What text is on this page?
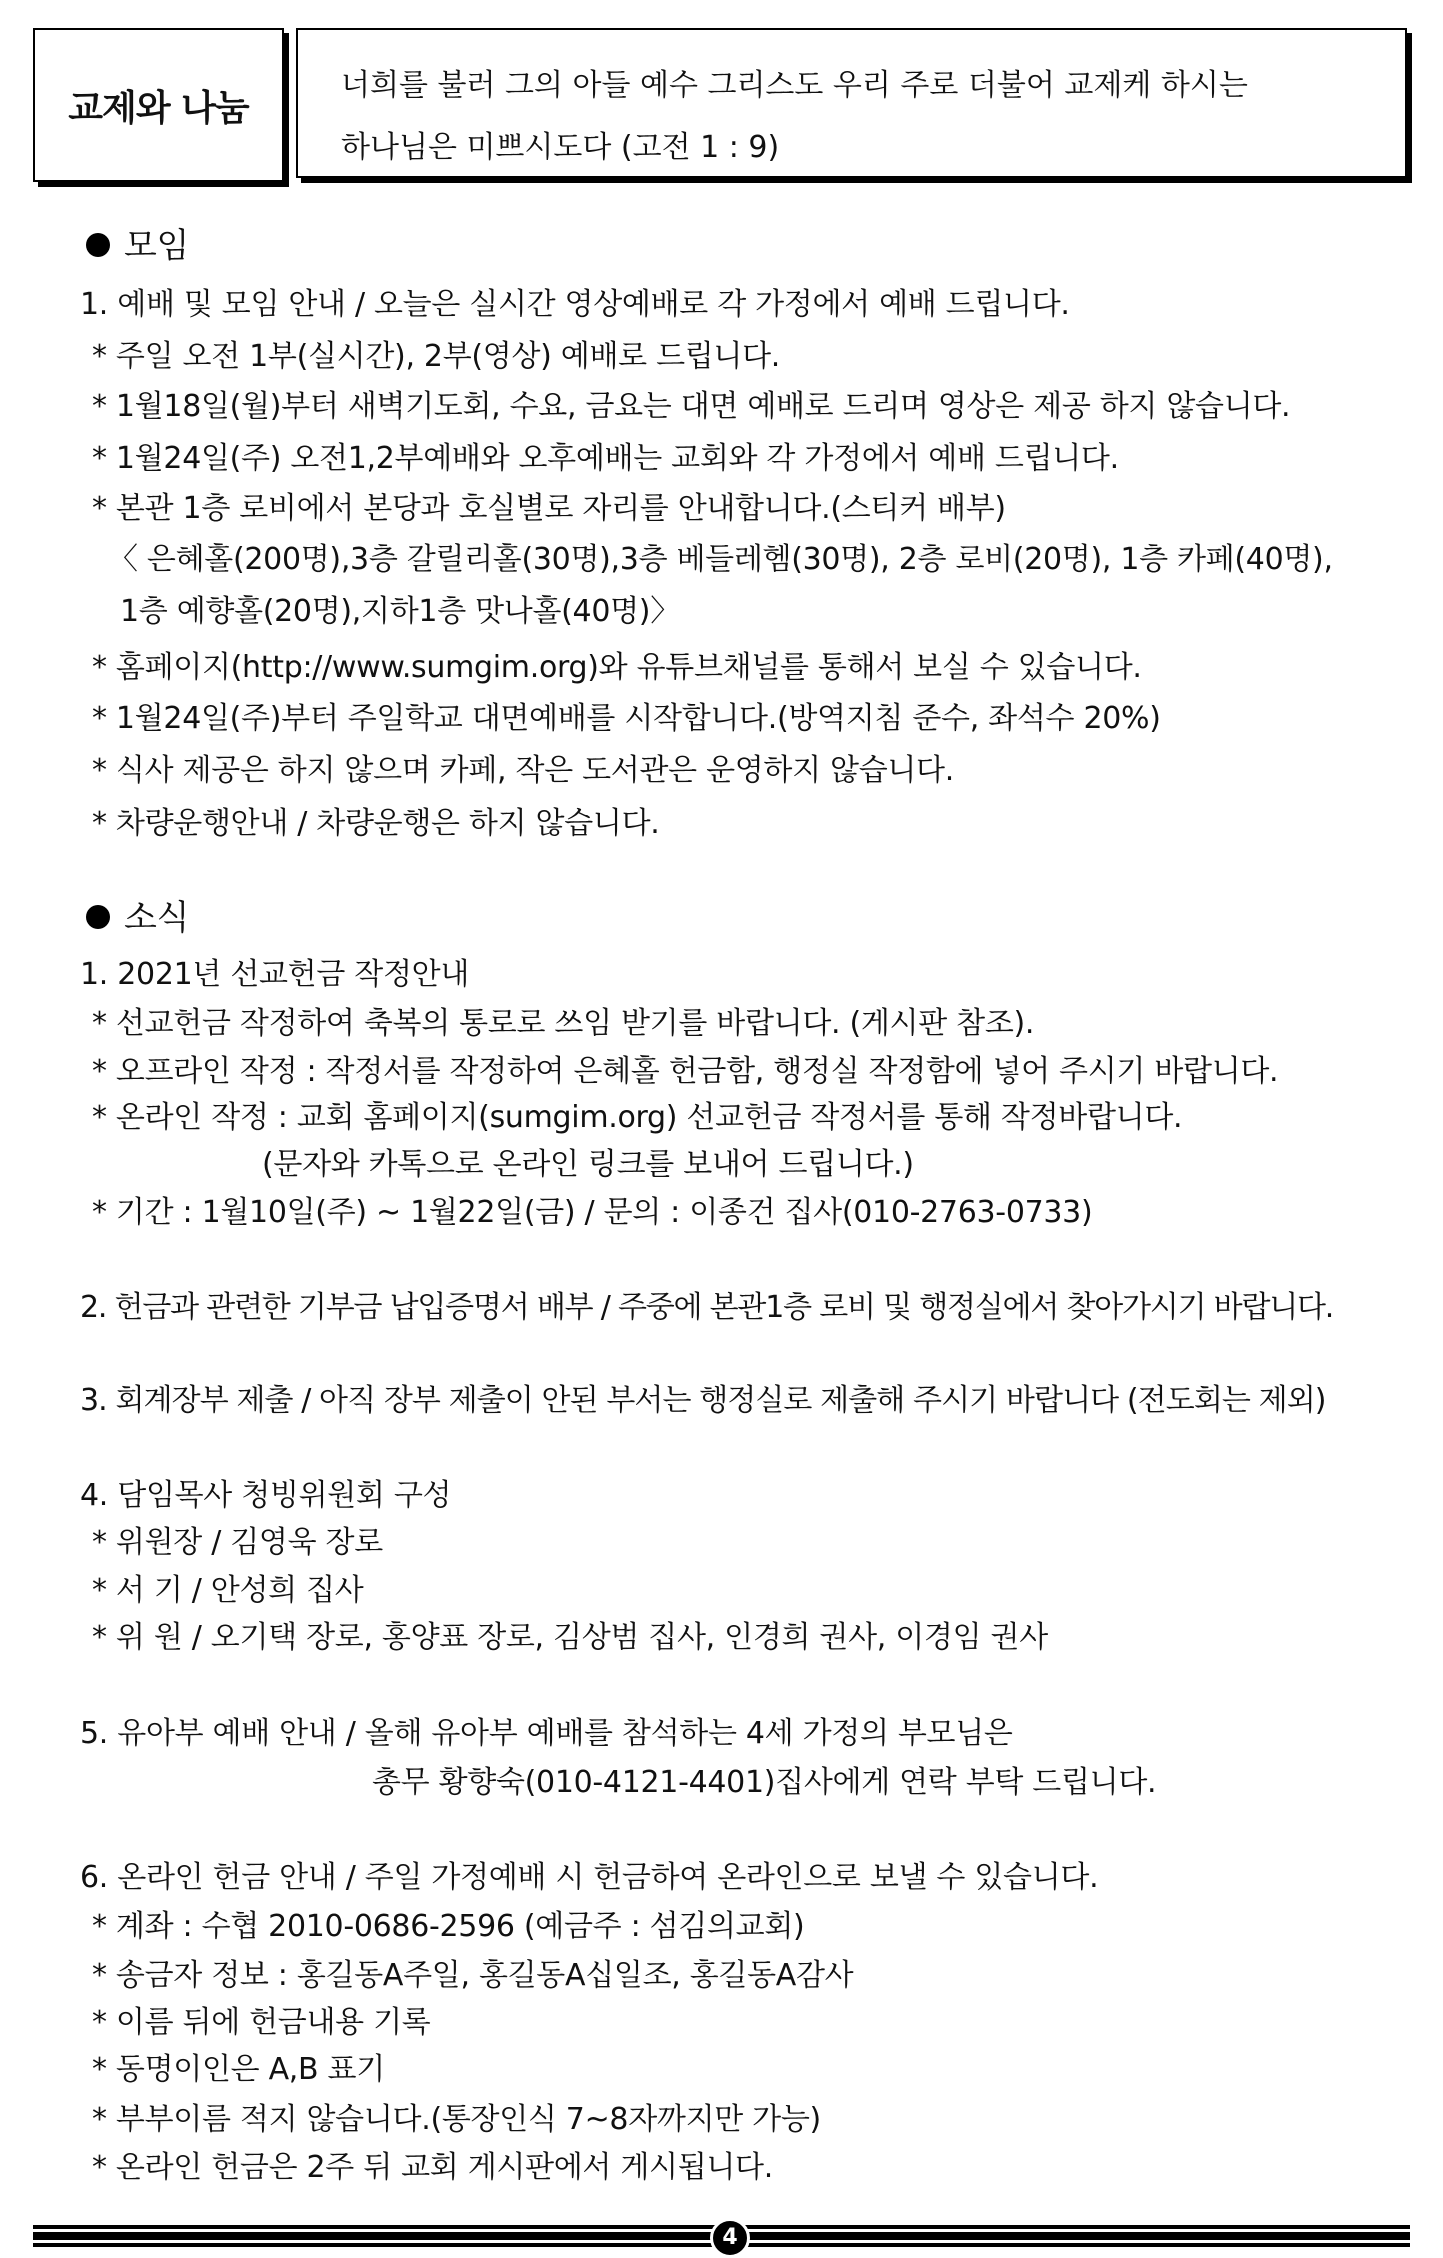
교제와 나눔
너희를 불러 그의 아들 예수 그리스도 우리 주로 더불어 교제케 하시는
하나님은 미쁘시도다 (고전 1 : 9)
모임
1. 예배 및 모임 안내 / 오늘은 실시간 영상예배로 각 가정에서 예배 드립니다.
* 주일 오전 1부(실시간), 2부(영상) 예배로 드립니다.
* 1월18일(월)부터 새벽기도회, 수요, 금요는 대면 예배로 드리며 영상은 제공 하지 않습니다.
* 1월24일(주) 오전1,2부예배와 오후예배는 교회와 각 가정에서 예배 드립니다.
* 본관 1층 로비에서 본당과 호실별로 자리를 안내합니다.(스티커 배부)
〈 은혜홀(200명),3층 갈릴리홀(30명),3층 베들레헴(30명), 2층 로비(20명), 1층 카페(40명),
1층 예향홀(20명),지하1층 맛나홀(40명)〉
* 홈페이지(http://www.sumgim.org)와 유튜브채널를 통해서 보실 수 있습니다.
* 1월24일(주)부터 주일학교 대면예배를 시작합니다.(방역지침 준수, 좌석수 20%)
* 식사 제공은 하지 않으며 카페, 작은 도서관은 운영하지 않습니다.
* 차량운행안내 / 차량운행은 하지 않습니다.
소식
1. 2021년 선교헌금 작정안내
* 선교헌금 작정하여 축복의 통로로 쓰임 받기를 바랍니다. (게시판 참조).
* 오프라인 작정 : 작정서를 작정하여 은혜홀 헌금함, 행정실 작정함에 넣어 주시기 바랍니다.
* 온라인 작정 : 교회 홈페이지(sumgim.org) 선교헌금 작정서를 통해 작정바랍니다.
(문자와 카톡으로 온라인 링크를 보내어 드립니다.)
* 기간 : 1월10일(주) ~ 1월22일(금) / 문의 : 이종건 집사(010-2763-0733)
2. 헌금과 관련한 기부금 납입증명서 배부 / 주중에 본관1층 로비 및 행정실에서 찾아가시기 바랍니다.
3. 회계장부 제출 / 아직 장부 제출이 안된 부서는 행정실로 제출해 주시기 바랍니다 (전도회는 제외)
4. 담임목사 청빙위원회 구성
* 위원장 / 김영욱 장로
* 서 기 / 안성희 집사
* 위 원 / 오기택 장로, 홍양표 장로, 김상범 집사, 인경희 권사, 이경임 권사
5. 유아부 예배 안내 / 올해 유아부 예배를 참석하는 4세 가정의 부모님은
총무 황향숙(010-4121-4401)집사에게 연락 부탁 드립니다.
6. 온라인 헌금 안내 / 주일 가정예배 시 헌금하여 온라인으로 보낼 수 있습니다.
* 계좌 : 수협 2010-0686-2596 (예금주 : 섬김의교회)
* 송금자 정보 : 홍길동A주일, 홍길동A십일조, 홍길동A감사
* 이름 뒤에 헌금내용 기록
* 동명이인은 A,B 표기
* 부부이름 적지 않습니다.(통장인식 7~8자까지만 가능)
* 온라인 헌금은 2주 뒤 교회 게시판에서 게시됩니다.
4
